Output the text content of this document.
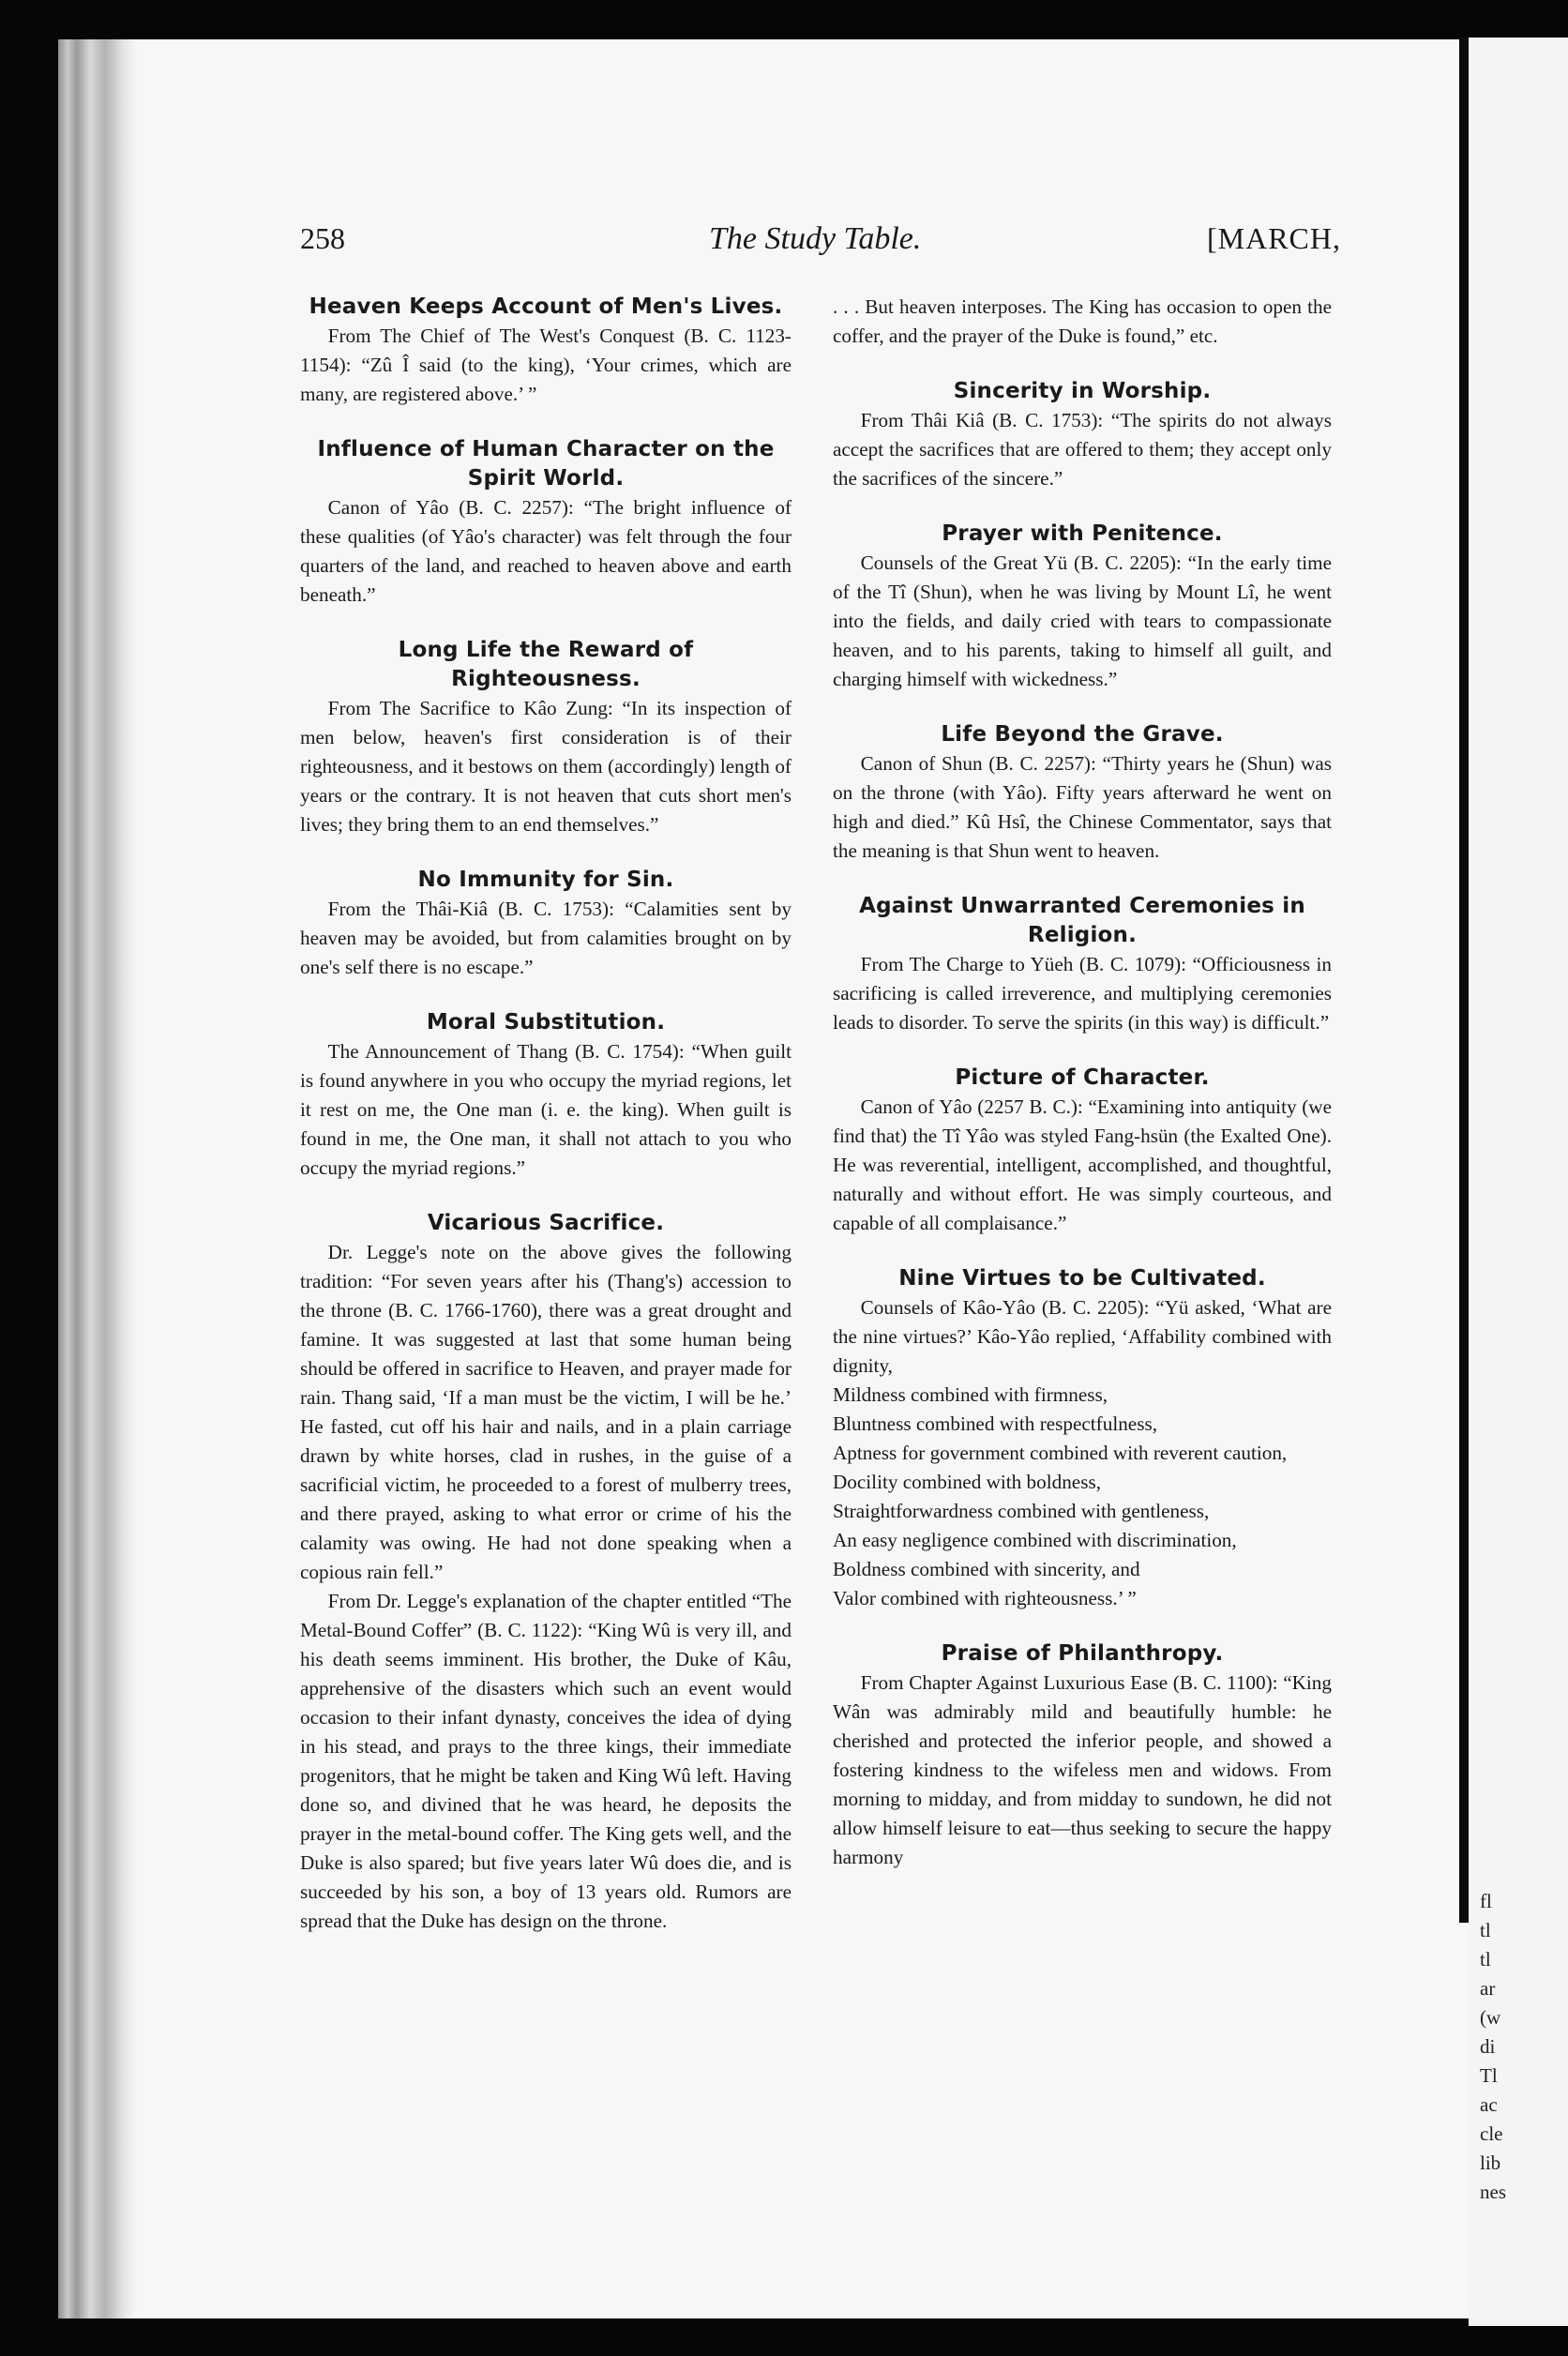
fl
tl
tl
ar
(w
di
Tl
ac
cle
lib
nes
258	The Study Table.	[MARCH,
Heaven Keeps Account of Men's Lives.

From The Chief of The West's Conquest (B. C. 1123-1154): “Zû Î said (to the king), ‘Your crimes, which are many, are registered above.’ ”

Influence of Human Character on the Spirit World.

Canon of Yâo (B. C. 2257): “The bright influence of these qualities (of Yâo's character) was felt through the four quarters of the land, and reached to heaven above and earth beneath.”

Long Life the Reward of Righteousness.

From The Sacrifice to Kâo Zung: “In its inspection of men below, heaven's first consideration is of their righteousness, and it bestows on them (accordingly) length of years or the contrary. It is not heaven that cuts short men's lives; they bring them to an end themselves.”

No Immunity for Sin.

From the Thâi-Kiâ (B. C. 1753): “Calamities sent by heaven may be avoided, but from calamities brought on by one's self there is no escape.”

Moral Substitution.

The Announcement of Thang (B. C. 1754): “When guilt is found anywhere in you who occupy the myriad regions, let it rest on me, the One man (i. e. the king). When guilt is found in me, the One man, it shall not attach to you who occupy the myriad regions.”

Vicarious Sacrifice.

Dr. Legge's note on the above gives the following tradition: “For seven years after his (Thang's) accession to the throne (B. C. 1766-1760), there was a great drought and famine. It was suggested at last that some human being should be offered in sacrifice to Heaven, and prayer made for rain. Thang said, ‘If a man must be the victim, I will be he.’ He fasted, cut off his hair and nails, and in a plain carriage drawn by white horses, clad in rushes, in the guise of a sacrificial victim, he proceeded to a forest of mulberry trees, and there prayed, asking to what error or crime of his the calamity was owing. He had not done speaking when a copious rain fell.”

From Dr. Legge's explanation of the chapter entitled “The Metal-Bound Coffer” (B. C. 1122): “King Wû is very ill, and his death seems imminent. His brother, the Duke of Kâu, apprehensive of the disasters which such an event would occasion to their infant dynasty, conceives the idea of dying in his stead, and prays to the three kings, their immediate progenitors, that he might be taken and King Wû left. Having done so, and divined that he was heard, he deposits the prayer in the metal-bound coffer. The King gets well, and the Duke is also spared; but five years later Wû does die, and is succeeded by his son, a boy of 13 years old. Rumors are spread that the Duke has design on the throne.

. . . But heaven interposes. The King has occasion to open the coffer, and the prayer of the Duke is found,” etc.

Sincerity in Worship.

From Thâi Kiâ (B. C. 1753): “The spirits do not always accept the sacrifices that are offered to them; they accept only the sacrifices of the sincere.”

Prayer with Penitence.

Counsels of the Great Yü (B. C. 2205): “In the early time of the Tî (Shun), when he was living by Mount Lî, he went into the fields, and daily cried with tears to compassionate heaven, and to his parents, taking to himself all guilt, and charging himself with wickedness.”

Life Beyond the Grave.

Canon of Shun (B. C. 2257): “Thirty years he (Shun) was on the throne (with Yâo). Fifty years afterward he went on high and died.” Kû Hsî, the Chinese Commentator, says that the meaning is that Shun went to heaven.

Against Unwarranted Ceremonies in Religion.

From The Charge to Yüeh (B. C. 1079): “Officiousness in sacrificing is called irreverence, and multiplying ceremonies leads to disorder. To serve the spirits (in this way) is difficult.”

Picture of Character.

Canon of Yâo (2257 B. C.): “Examining into antiquity (we find that) the Tî Yâo was styled Fang-hsün (the Exalted One). He was reverential, intelligent, accomplished, and thoughtful, naturally and without effort. He was simply courteous, and capable of all complaisance.”

Nine Virtues to be Cultivated.

Counsels of Kâo-Yâo (B. C. 2205): “Yü asked, ‘What are the nine virtues?’ Kâo-Yâo replied, ‘Affability combined with dignity,

Mildness combined with firmness,

Bluntness combined with respectfulness,

Aptness for government combined with reverent caution,

Docility combined with boldness,

Straightforwardness combined with gentleness,

An easy negligence combined with discrimination,

Boldness combined with sincerity, and

Valor combined with righteousness.’ ”

Praise of Philanthropy.

From Chapter Against Luxurious Ease (B. C. 1100): “King Wân was admirably mild and beautifully humble: he cherished and protected the inferior people, and showed a fostering kindness to the wifeless men and widows. From morning to midday, and from midday to sundown, he did not allow himself leisure to eat—thus seeking to secure the happy harmony
